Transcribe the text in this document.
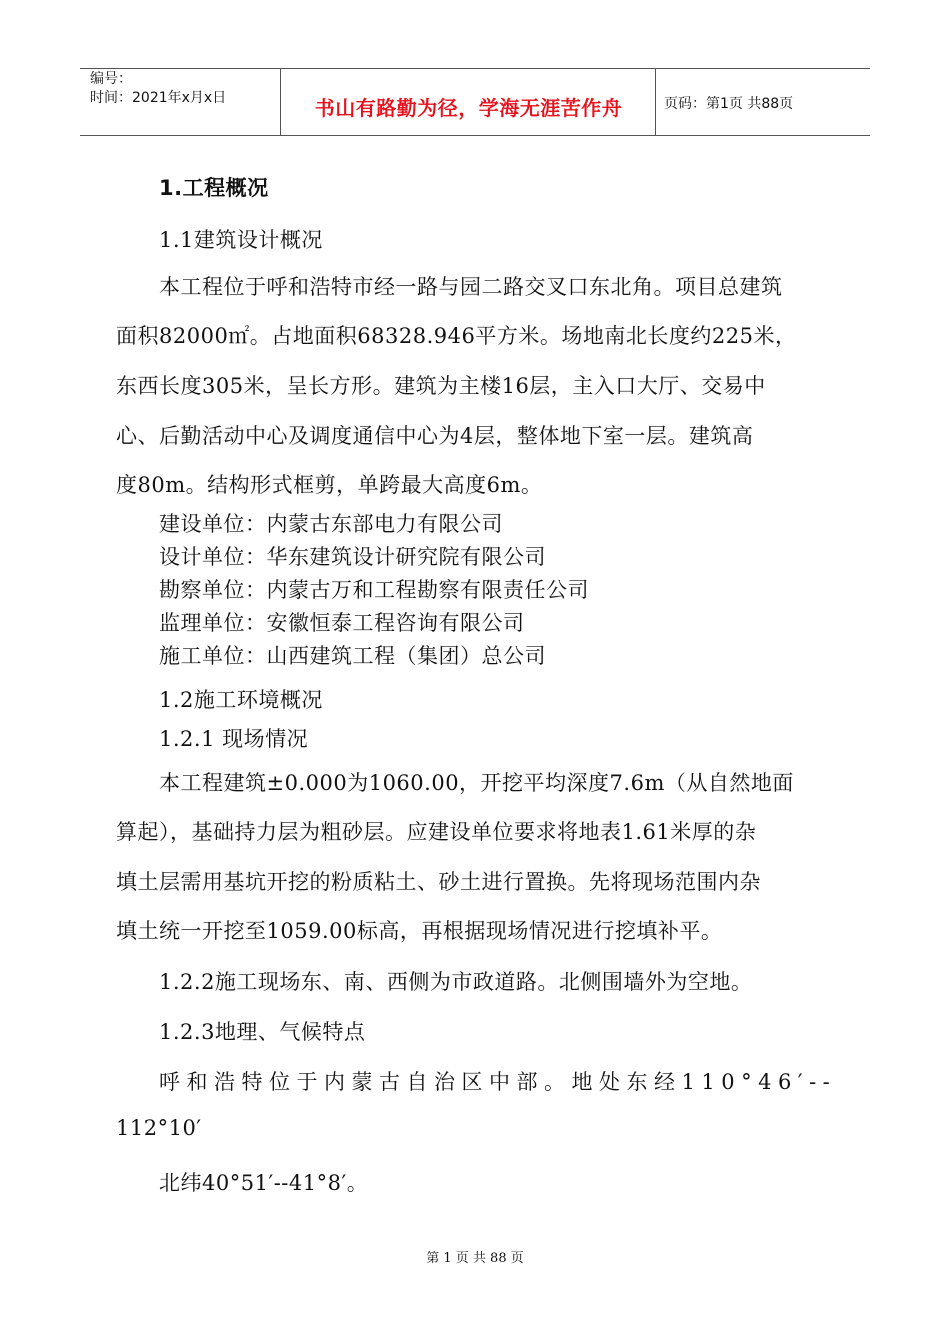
编号：
时间：2021年x月x日	书山有路勤为径，学海无涯苦作舟	页码：第1页 共88页
1.工程概况
1.1建筑设计概况
本工程位于呼和浩特市经一路与园二路交叉口东北角。项目总建筑
面积82000㎡。占地面积68328.946平方米。场地南北长度约225米，
东西长度305米，呈长方形。建筑为主楼16层，主入口大厅、交易中
心、后勤活动中心及调度通信中心为4层，整体地下室一层。建筑高
度80m。结构形式框剪，单跨最大高度6m。
建设单位：内蒙古东部电力有限公司
设计单位：华东建筑设计研究院有限公司
勘察单位：内蒙古万和工程勘察有限责任公司
监理单位：安徽恒泰工程咨询有限公司
施工单位：山西建筑工程（集团）总公司
1.2施工环境概况
1.2.1 现场情况
本工程建筑±0.000为1060.00，开挖平均深度7.6m（从自然地面
算起），基础持力层为粗砂层。应建设单位要求将地表1.61米厚的杂
填土层需用基坑开挖的粉质粘土、砂土进行置换。先将现场范围内杂
填土统一开挖至1059.00标高，再根据现场情况进行挖填补平。
1.2.2施工现场东、南、西侧为市政道路。北侧围墙外为空地。
1.2.3地理、气候特点
呼和浩特位于内蒙古自治区中部。地处东经110°46′--
112°10′
北纬40°51′--41°8′。
第 1 页 共 88 页
